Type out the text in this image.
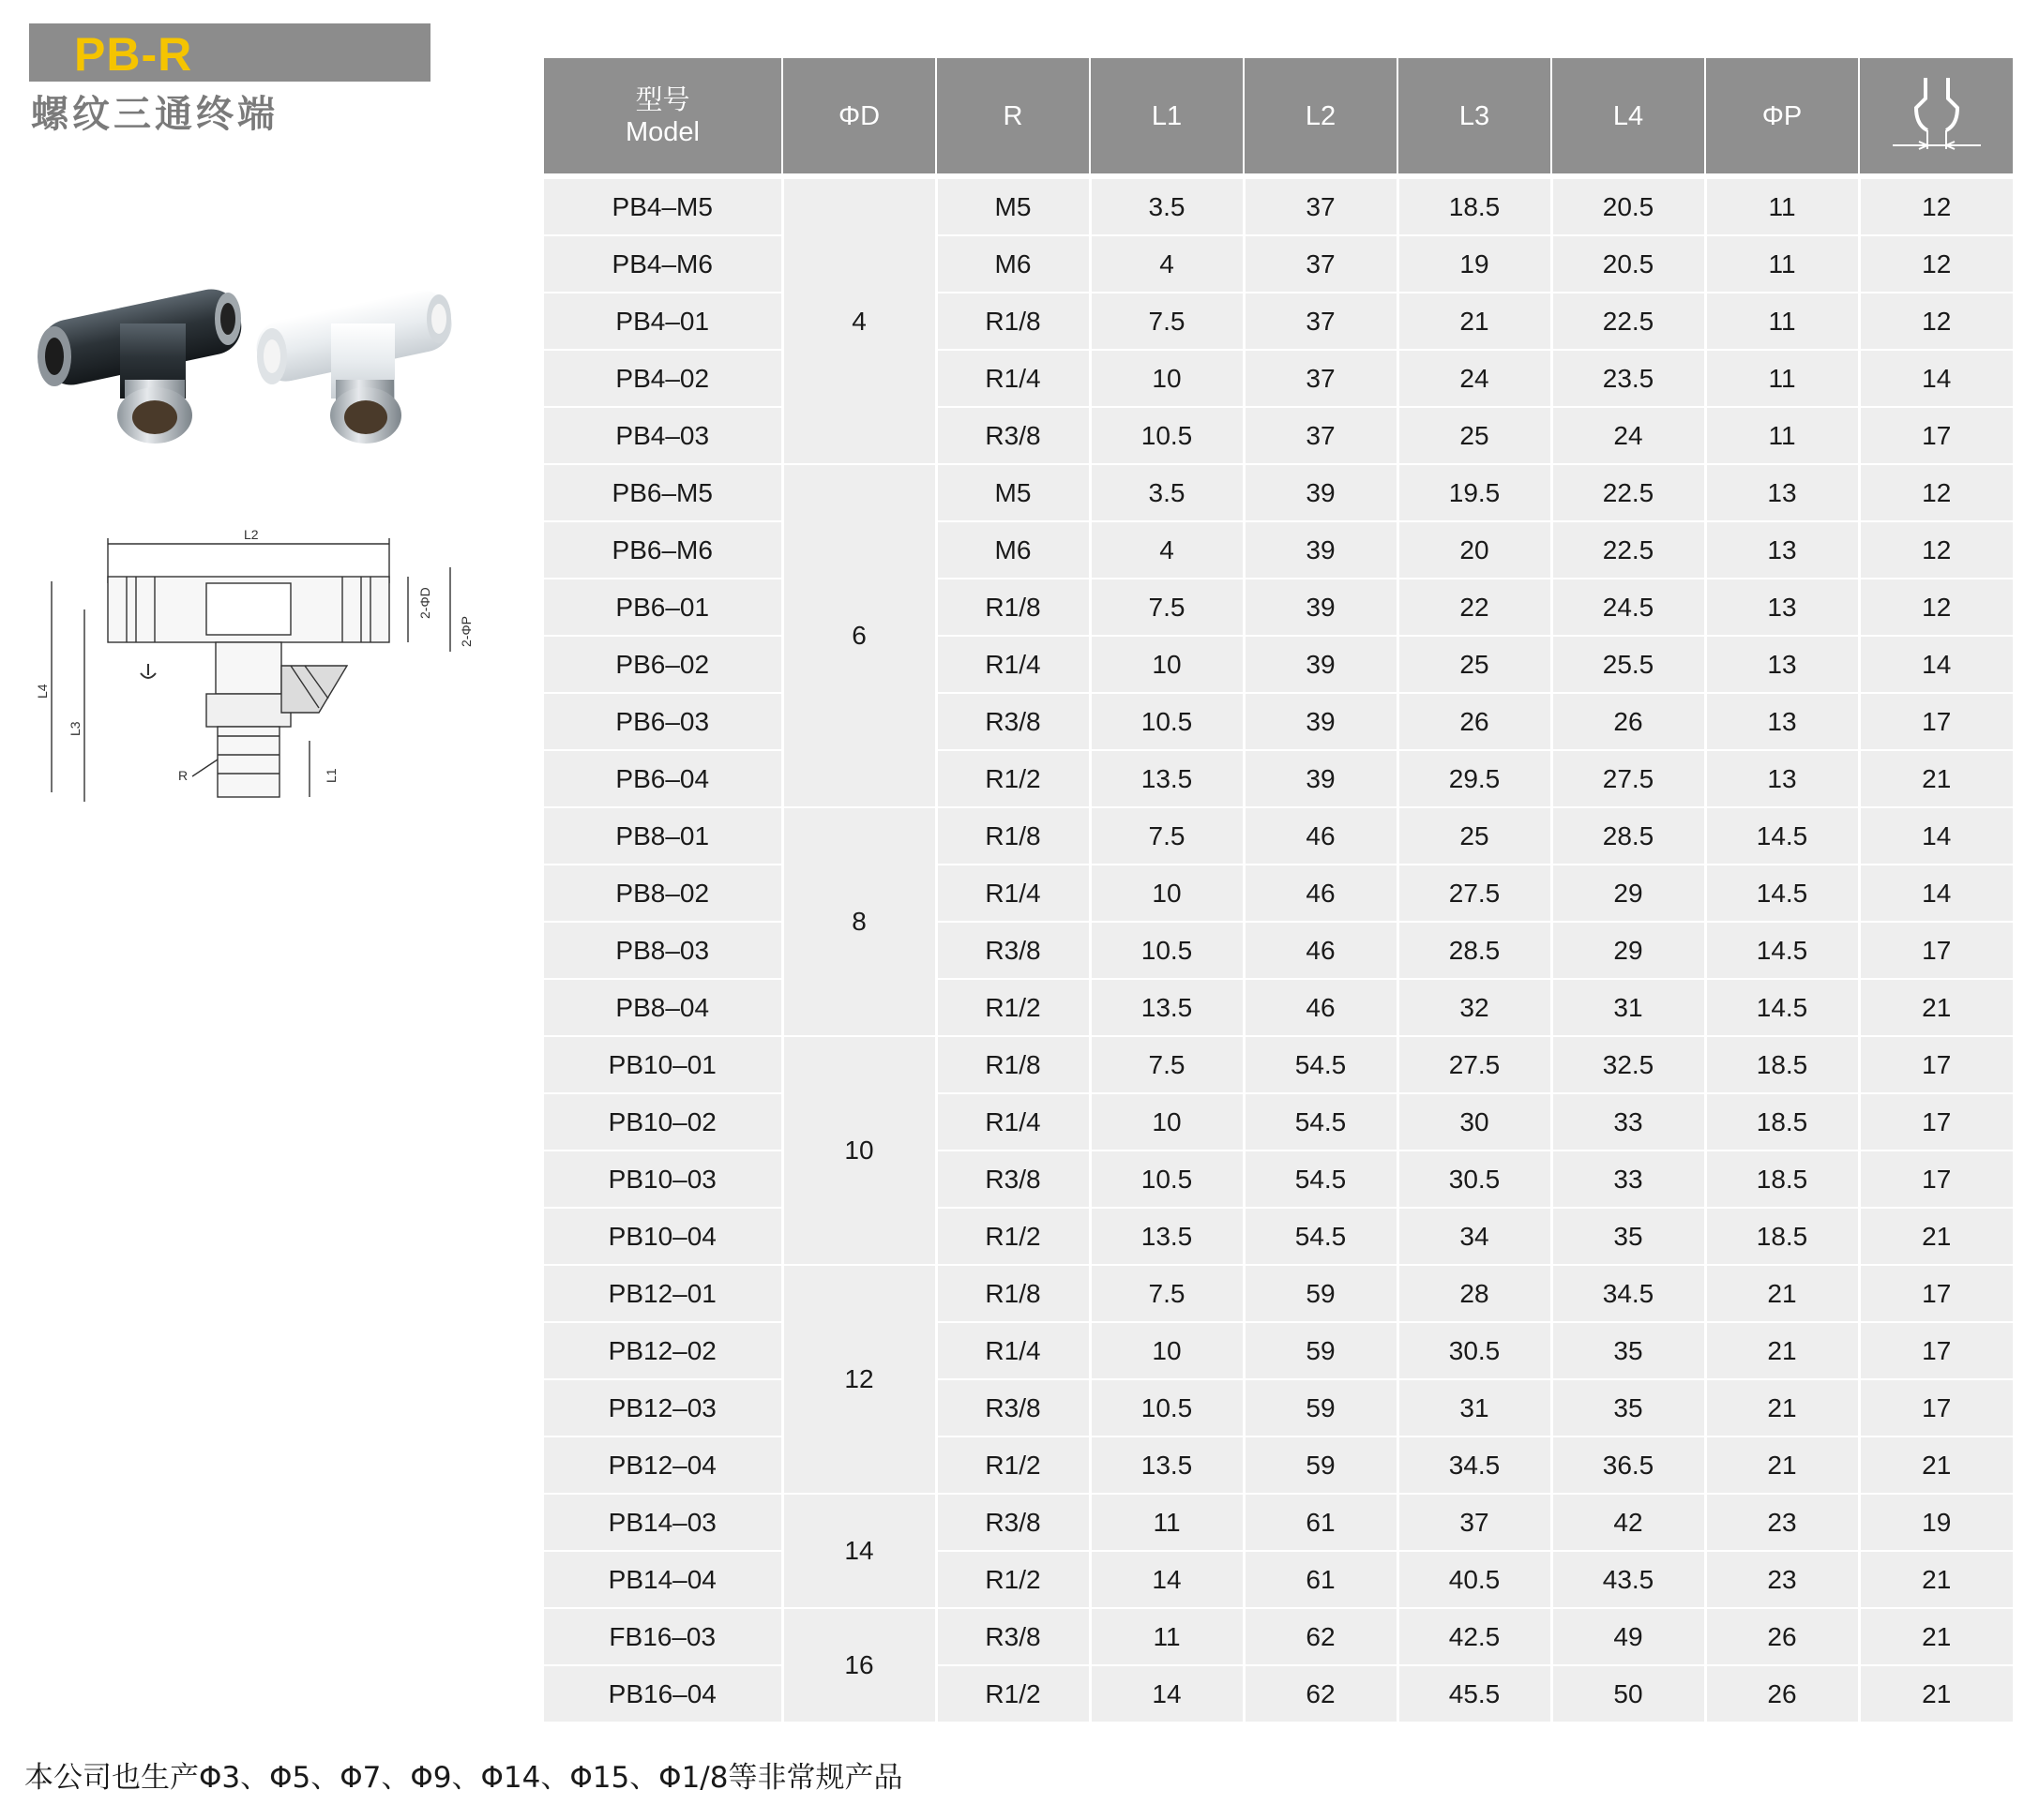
PB-R
螺纹三通终端
L2
2-ΦD
2-ΦP
L4
L3
L1
R
型号
Model	ΦD	R	L1	L2	L3	L4	ΦP	
PB4–M5	4	M5	3.5	37	18.5	20.5	11	12
PB4–M6		M6	4	37	19	20.5	11	12
PB4–01		R1/8	7.5	37	21	22.5	11	12
PB4–02		R1/4	10	37	24	23.5	11	14
PB4–03		R3/8	10.5	37	25	24	11	17
PB6–M5	6	M5	3.5	39	19.5	22.5	13	12
PB6–M6		M6	4	39	20	22.5	13	12
PB6–01		R1/8	7.5	39	22	24.5	13	12
PB6–02		R1/4	10	39	25	25.5	13	14
PB6–03		R3/8	10.5	39	26	26	13	17
PB6–04		R1/2	13.5	39	29.5	27.5	13	21
PB8–01	8	R1/8	7.5	46	25	28.5	14.5	14
PB8–02		R1/4	10	46	27.5	29	14.5	14
PB8–03		R3/8	10.5	46	28.5	29	14.5	17
PB8–04		R1/2	13.5	46	32	31	14.5	21
PB10–01	10	R1/8	7.5	54.5	27.5	32.5	18.5	17
PB10–02		R1/4	10	54.5	30	33	18.5	17
PB10–03		R3/8	10.5	54.5	30.5	33	18.5	17
PB10–04		R1/2	13.5	54.5	34	35	18.5	21
PB12–01	12	R1/8	7.5	59	28	34.5	21	17
PB12–02		R1/4	10	59	30.5	35	21	17
PB12–03		R3/8	10.5	59	31	35	21	17
PB12–04		R1/2	13.5	59	34.5	36.5	21	21
PB14–03	14	R3/8	11	61	37	42	23	19
PB14–04		R1/2	14	61	40.5	43.5	23	21
FB16–03	16	R3/8	11	62	42.5	49	26	21
PB16–04		R1/2	14	62	45.5	50	26	21
本公司也生产Φ3、Φ5、Φ7、Φ9、Φ14、Φ15、Φ1/8等非常规产品
